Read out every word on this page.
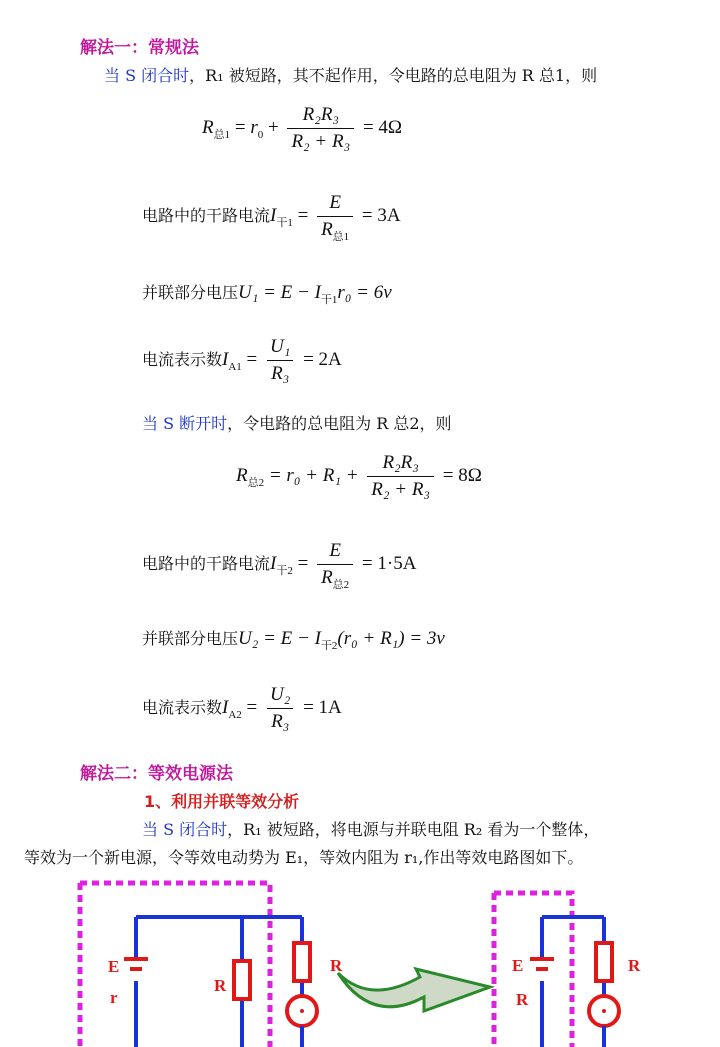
解法一：常规法
当 S 闭合时，R₁ 被短路，其不起作用，令电路的总电阻为 R 总1，则
$R_{总1} = r_0 + \frac{\text{R₂R₃}}{\text{R₂ + R₃}} = 4\Omega$
电路中的干路电流$I_{干1} = \frac{E}{R_{总1}} = 3A$
并联部分电压$U_1 = E - I_{干1}r_0 = 6v$
电流表示数$I_{A1} = \frac{\text{U₁}}{\text{R₃}} = 2A$
当 S 断开时，令电路的总电阻为 R 总2，则
$R_{总2} = r_0 + R_1 + \frac{\text{R₂R₃}}{\text{R₂ + R₃}} = 8\Omega$
电路中的干路电流$I_{干2} = \frac{E}{R_{总2}} = 1\cdot 5A$
并联部分电压$U_2 = E - I_{干2}(r_0 + R_1) = 3v$
电流表示数$I_{A2} = \frac{\text{U₂}}{\text{R₃}} = 1A$
解法二：等效电源法
1、利用并联等效分析
当 S 闭合时，R₁ 被短路，将电源与并联电阻 R₂ 看为一个整体，
等效为一个新电源，令等效电动势为 E₁，等效内阻为 r₁,作出等效电路图如下。
E
r
R
R	E
R
R
